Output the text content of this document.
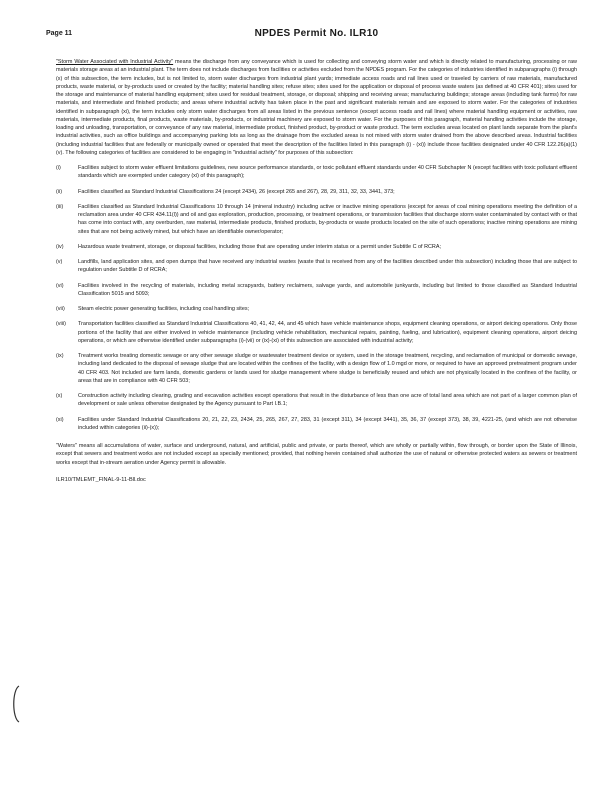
Page 11	NPDES Permit No. ILR10
"Storm Water Associated with Industrial Activity" means the discharge from any conveyance which is used for collecting and conveying storm water and which is directly related to manufacturing, processing or raw materials storage areas at an industrial plant. The term does not include discharges from facilities or activities excluded from the NPDES program. For the categories of industries identified in subparagraphs (i) through (x) of this subsection, the term includes, but is not limited to, storm water discharges from industrial plant yards; immediate access roads and rail lines used or traveled by carriers of raw materials, manufactured products, waste material, or by-products used or created by the facility; material handling sites; refuse sites; sites used for the application or disposal of process waste waters (as defined at 40 CFR 401); sites used for the storage and maintenance of material handling equipment; sites used for residual treatment, storage, or disposal; shipping and receiving areas; manufacturing buildings; storage areas (including tank farms) for raw materials, and intermediate and finished products; and areas where industrial activity has taken place in the past and significant materials remain and are exposed to storm water. For the categories of industries identified in subparagraph (xi), the term includes only storm water discharges from all areas listed in the previous sentence (except access roads and rail lines) where material handling equipment or activities, raw materials, intermediate products, final products, waste materials, by-products, or industrial machinery are exposed to storm water. For the purposes of this paragraph, material handling activities include the storage, loading and unloading, transportation, or conveyance of any raw material, intermediate product, finished product, by-product or waste product. The term excludes areas located on plant lands separate from the plant's industrial activities, such as office buildings and accompanying parking lots as long as the drainage from the excluded areas is not mixed with storm water drained from the above described areas. Industrial facilities (including industrial facilities that are federally or municipally owned or operated that meet the description of the facilities listed in this paragraph (i) - (xi)) include those facilities designated under 40 CFR 122.26(a)(1)(v). The following categories of facilities are considered to be engaging in "industrial activity" for purposes of this subsection:
(i)	Facilities subject to storm water effluent limitations guidelines, new source performance standards, or toxic pollutant effluent standards under 40 CFR Subchapter N (except facilities with toxic pollutant effluent standards which are exempted under category (xi) of this paragraph);
(ii)	Facilities classified as Standard Industrial Classifications 24 (except 2434), 26 (except 265 and 267), 28, 29, 311, 32, 33, 3441, 373;
(iii)	Facilities classified as Standard Industrial Classifications 10 through 14 (mineral industry) including active or inactive mining operations (except for areas of coal mining operations meeting the definition of a reclamation area under 40 CFR 434.11(l)) and oil and gas exploration, production, processing, or treatment operations, or transmission facilities that discharge storm water contaminated by contact with or that has come into contact with, any overburden, raw material, intermediate products, finished products, by-products or waste products located on the site of such operations; inactive mining operations are mining sites that are not being actively mined, but which have an identifiable owner/operator;
(iv)	Hazardous waste treatment, storage, or disposal facilities, including those that are operating under interim status or a permit under Subtitle C of RCRA;
(v)	Landfills, land application sites, and open dumps that have received any industrial wastes (waste that is received from any of the facilities described under this subsection) including those that are subject to regulation under Subtitle D of RCRA;
(vi)	Facilities involved in the recycling of materials, including metal scrapyards, battery reclaimers, salvage yards, and automobile junkyards, including but limited to those classified as Standard Industrial Classification 5015 and 5093;
(vii)	Steam electric power generating facilities, including coal handling sites;
(viii)	Transportation facilities classified as Standard Industrial Classifications 40, 41, 42, 44, and 45 which have vehicle maintenance shops, equipment cleaning operations, or airport deicing operations. Only those portions of the facility that are either involved in vehicle maintenance (including vehicle rehabilitation, mechanical repairs, painting, fueling, and lubrication), equipment cleaning operations, airport deicing operations, or which are otherwise identified under subparagraphs (i)-(vii) or (ix)-(xi) of this subsection are associated with industrial activity;
(ix)	Treatment works treating domestic sewage or any other sewage sludge or wastewater treatment device or system, used in the storage treatment, recycling, and reclamation of municipal or domestic sewage, including land dedicated to the disposal of sewage sludge that are located within the confines of the facility, with a design flow of 1.0 mgd or more, or required to have an approved pretreatment program under 40 CFR 403. Not included are farm lands, domestic gardens or lands used for sludge management where sludge is beneficially reused and which are not physically located in the confines of the facility, or areas that are in compliance with 40 CFR 503;
(x)	Construction activity including clearing, grading and excavation activities except operations that result in the disturbance of less than one acre of total land area which are not part of a larger common plan of development or sale unless otherwise designated by the Agency pursuant to Part I.B.1;
(xi)	Facilities under Standard Industrial Classifications 20, 21, 22, 23, 2434, 25, 265, 267, 27, 283, 31 (except 311), 34 (except 3441), 35, 36, 37 (except 373), 38, 39, 4221-25, (and which are not otherwise included within categories (ii)-(x));
"Waters" means all accumulations of water, surface and underground, natural, and artificial, public and private, or parts thereof, which are wholly or partially within, flow through, or border upon the State of Illinois, except that sewers and treatment works are not included except as specially mentioned; provided, that nothing herein contained shall authorize the use of natural or otherwise protected waters as sewers or treatment works except that in-stream aeration under Agency permit is allowable.
ILR10/TMLEMT_FINAL-9-11-Bll.doc
